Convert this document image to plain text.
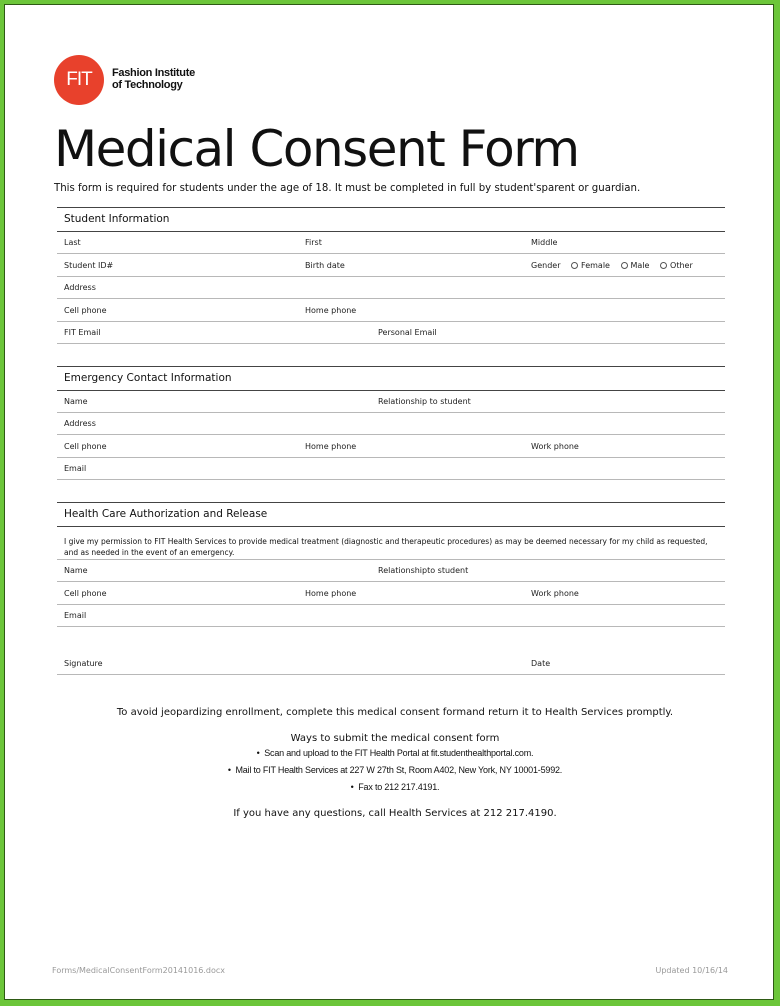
FIT Fashion Institute
of Technology
Medical Consent Form
This form is required for students under the age of 18. It must be completed in full by student'sparent or guardian.
Student Information
Last	First	Middle
Student ID#	Birth date	Gender	Female	Male	Other
Address
Cell phone	Home phone
FIT Email	Personal Email
Emergency Contact Information
Name	Relationship to student
Address
Cell phone	Home phone	Work phone
Email
Health Care Authorization and Release
I give my permission to FIT Health Services to provide medical treatment (diagnostic and therapeutic procedures) as may be deemed necessary for my child as requested, and as needed in the event of an emergency.
Name	Relationshipto student
Cell phone	Home phone	Work phone
Email
Signature	Date
To avoid jeopardizing enrollment, complete this medical consent formand return it to Health Services promptly.
Ways to submit the medical consent form
•  Scan and upload to the FIT Health Portal at fit.studenthealthportal.com.
•  Mail to FIT Health Services at 227 W 27th St, Room A402, New York, NY 10001-5992.
•  Fax to 212 217.4191.
If you have any questions, call Health Services at 212 217.4190.
Forms/MedicalConsentForm20141016.docx	Updated 10/16/14
